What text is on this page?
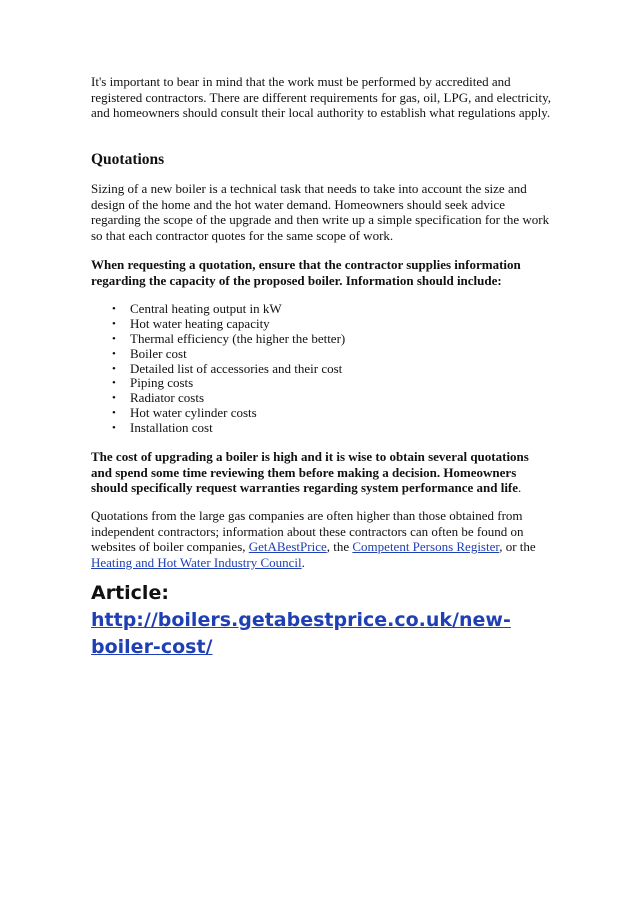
It's important to bear in mind that the work must be performed by accredited and registered contractors. There are different requirements for gas, oil, LPG, and electricity, and homeowners should consult their local authority to establish what regulations apply.

Quotations

Sizing of a new boiler is a technical task that needs to take into account the size and design of the home and the hot water demand. Homeowners should seek advice regarding the scope of the upgrade and then write up a simple specification for the work so that each contractor quotes for the same scope of work.

When requesting a quotation, ensure that the contractor supplies information regarding the capacity of the proposed boiler. Information should include:

• Central heating output in kW
• Hot water heating capacity
• Thermal efficiency (the higher the better)
• Boiler cost
• Detailed list of accessories and their cost
• Piping costs
• Radiator costs
• Hot water cylinder costs
• Installation cost

The cost of upgrading a boiler is high and it is wise to obtain several quotations and spend some time reviewing them before making a decision. Homeowners should specifically request warranties regarding system performance and life.

Quotations from the large gas companies are often higher than those obtained from independent contractors; information about these contractors can often be found on websites of boiler companies, GetABestPrice, the Competent Persons Register, or the Heating and Hot Water Industry Council.

Article: http://boilers.getabestprice.co.uk/new-boiler-cost/
